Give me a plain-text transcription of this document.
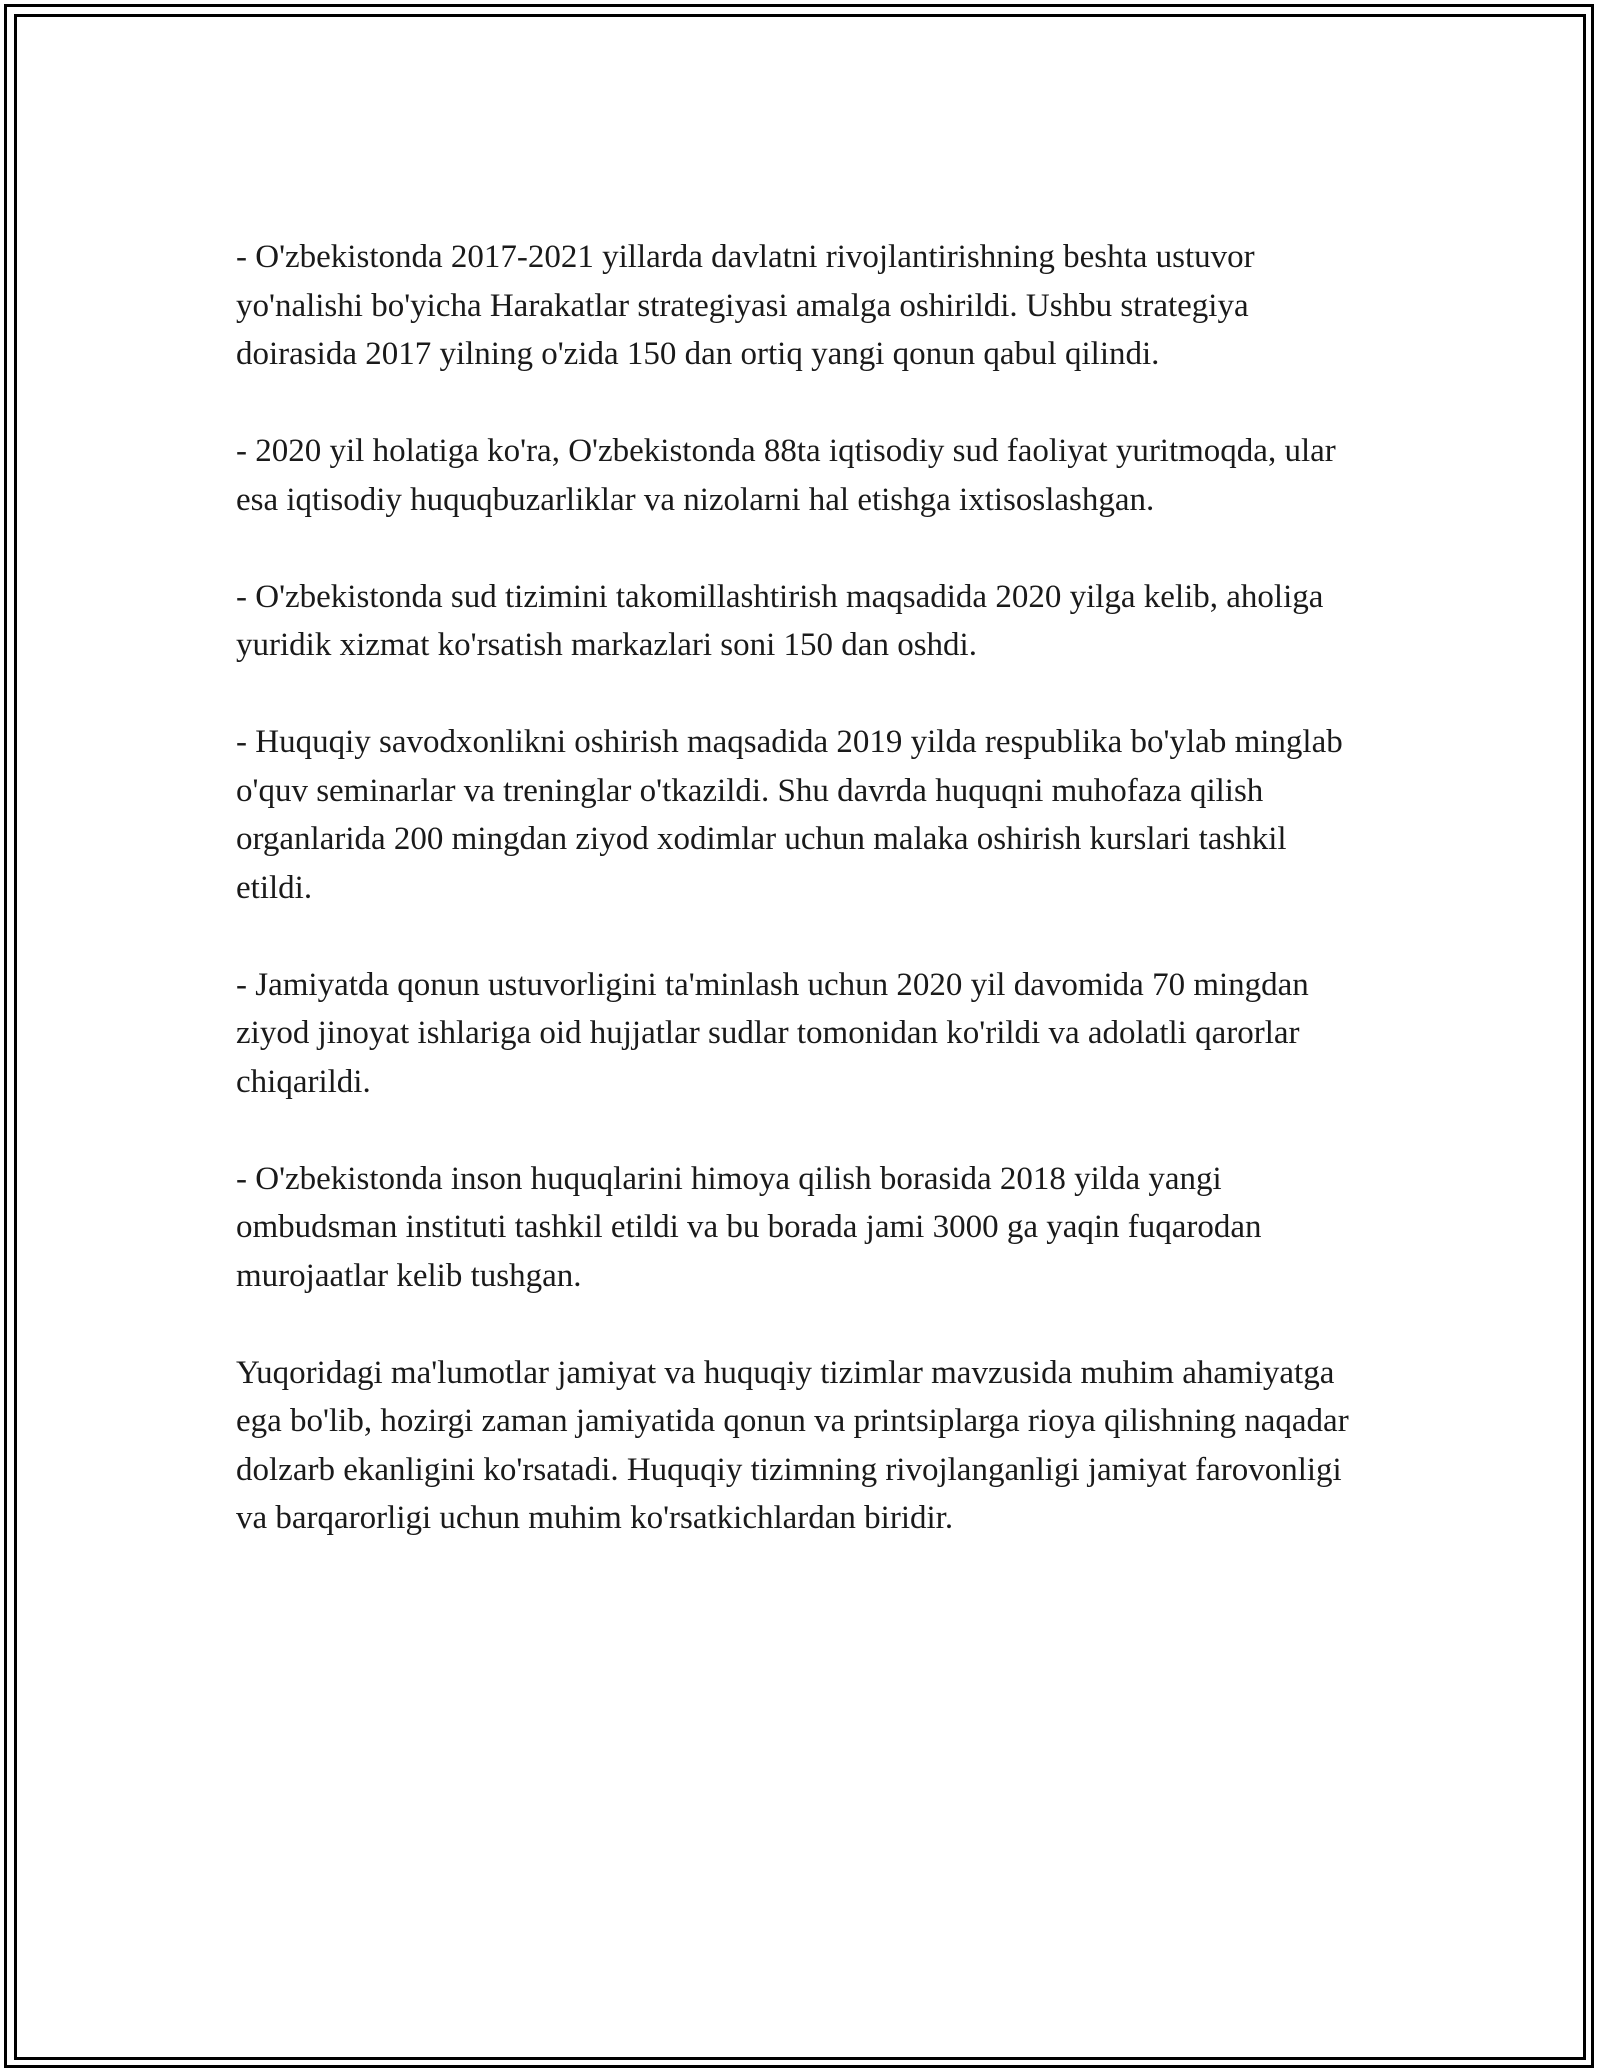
- O'zbekistonda 2017-2021 yillarda davlatni rivojlantirishning beshta ustuvor yo'nalishi bo'yicha Harakatlar strategiyasi amalga oshirildi. Ushbu strategiya doirasida 2017 yilning o'zida 150 dan ortiq yangi qonun qabul qilindi.

- 2020 yil holatiga ko'ra, O'zbekistonda 88ta iqtisodiy sud faoliyat yuritmoqda, ular esa iqtisodiy huquqbuzarliklar va nizolarni hal etishga ixtisoslashgan.

- O'zbekistonda sud tizimini takomillashtirish maqsadida 2020 yilga kelib, aholiga yuridik xizmat ko'rsatish markazlari soni 150 dan oshdi.

- Huquqiy savodxonlikni oshirish maqsadida 2019 yilda respublika bo'ylab minglab o'quv seminarlar va treninglar o'tkazildi. Shu davrda huquqni muhofaza qilish organlarida 200 mingdan ziyod xodimlar uchun malaka oshirish kurslari tashkil etildi.

- Jamiyatda qonun ustuvorligini ta'minlash uchun 2020 yil davomida 70 mingdan ziyod jinoyat ishlariga oid hujjatlar sudlar tomonidan ko'rildi va adolatli qarorlar chiqarildi.

- O'zbekistonda inson huquqlarini himoya qilish borasida 2018 yilda yangi ombudsman instituti tashkil etildi va bu borada jami 3000 ga yaqin fuqarodan murojaatlar kelib tushgan.

Yuqoridagi ma'lumotlar jamiyat va huquqiy tizimlar mavzusida muhim ahamiyatga ega bo'lib, hozirgi zaman jamiyatida qonun va printsiplarga rioya qilishning naqadar dolzarb ekanligini ko'rsatadi. Huquqiy tizimning rivojlanganligi jamiyat farovonligi va barqarorligi uchun muhim ko'rsatkichlardan biridir.
